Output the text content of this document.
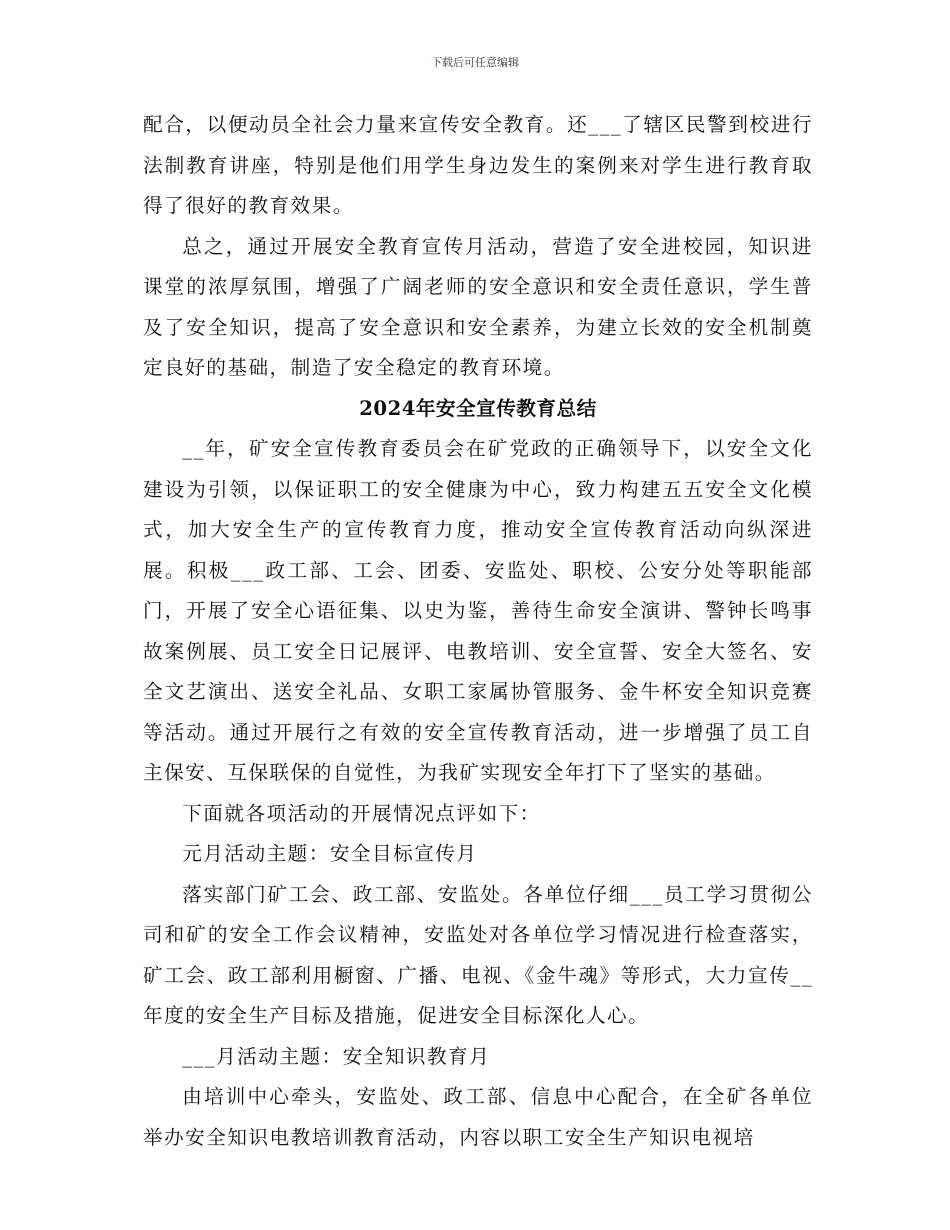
下载后可任意编辑

配合，以便动员全社会力量来宣传安全教育。还___了辖区民警到校进行法制教育讲座，特别是他们用学生身边发生的案例来对学生进行教育取得了很好的教育效果。

总之，通过开展安全教育宣传月活动，营造了安全进校园，知识进课堂的浓厚氛围，增强了广阔老师的安全意识和安全责任意识，学生普及了安全知识，提高了安全意识和安全素养，为建立长效的安全机制奠定良好的基础，制造了安全稳定的教育环境。

2024年安全宣传教育总结

__年，矿安全宣传教育委员会在矿党政的正确领导下，以安全文化建设为引领，以保证职工的安全健康为中心，致力构建五五安全文化模式，加大安全生产的宣传教育力度，推动安全宣传教育活动向纵深进展。积极___政工部、工会、团委、安监处、职校、公安分处等职能部门，开展了安全心语征集、以史为鉴，善待生命安全演讲、警钟长鸣事故案例展、员工安全日记展评、电教培训、安全宣誓、安全大签名、安全文艺演出、送安全礼品、女职工家属协管服务、金牛杯安全知识竞赛等活动。通过开展行之有效的安全宣传教育活动，进一步增强了员工自主保安、互保联保的自觉性，为我矿实现安全年打下了坚实的基础。

下面就各项活动的开展情况点评如下：

元月活动主题：安全目标宣传月

落实部门矿工会、政工部、安监处。各单位仔细___员工学习贯彻公司和矿的安全工作会议精神，安监处对各单位学习情况进行检查落实，矿工会、政工部利用橱窗、广播、电视、《金牛魂》等形式，大力宣传__年度的安全生产目标及措施，促进安全目标深化人心。

___月活动主题：安全知识教育月

由培训中心牵头，安监处、政工部、信息中心配合，在全矿各单位举办安全知识电教培训教育活动，内容以职工安全生产知识电视培
